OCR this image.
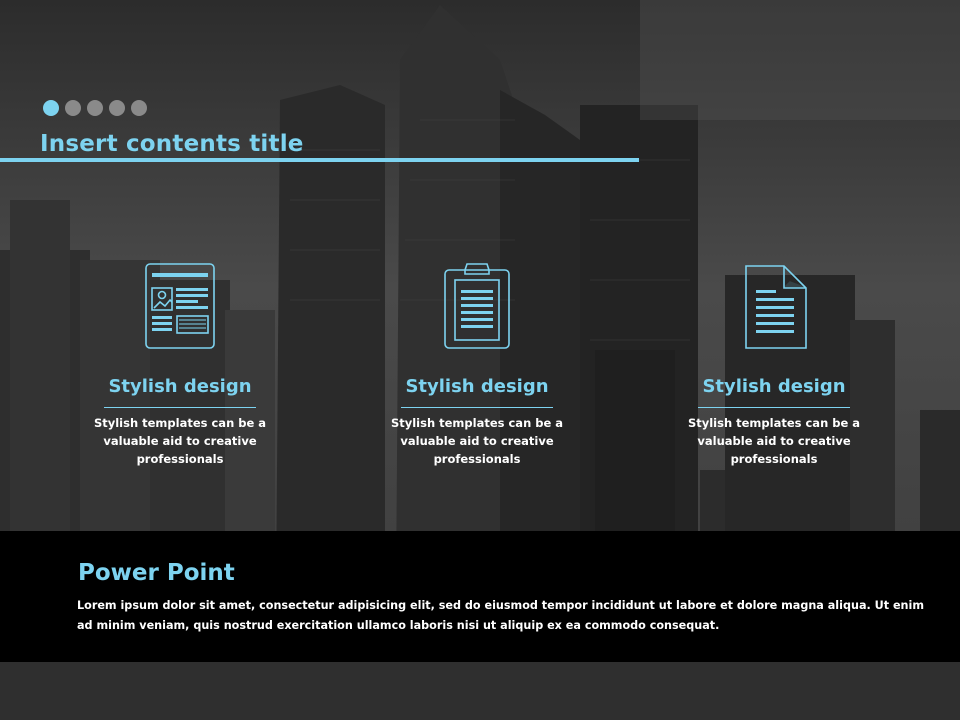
Insert contents title
Stylish design
Stylish templates can be a valuable aid to creative professionals
Stylish design
Stylish templates can be a valuable aid to creative professionals
Stylish design
Stylish templates can be a valuable aid to creative professionals
Power Point
Lorem ipsum dolor sit amet, consectetur adipisicing elit, sed do eiusmod tempor incididunt ut labore et dolore magna aliqua. Ut enim ad minim veniam, quis nostrud exercitation ullamco laboris nisi ut aliquip ex ea commodo consequat.
